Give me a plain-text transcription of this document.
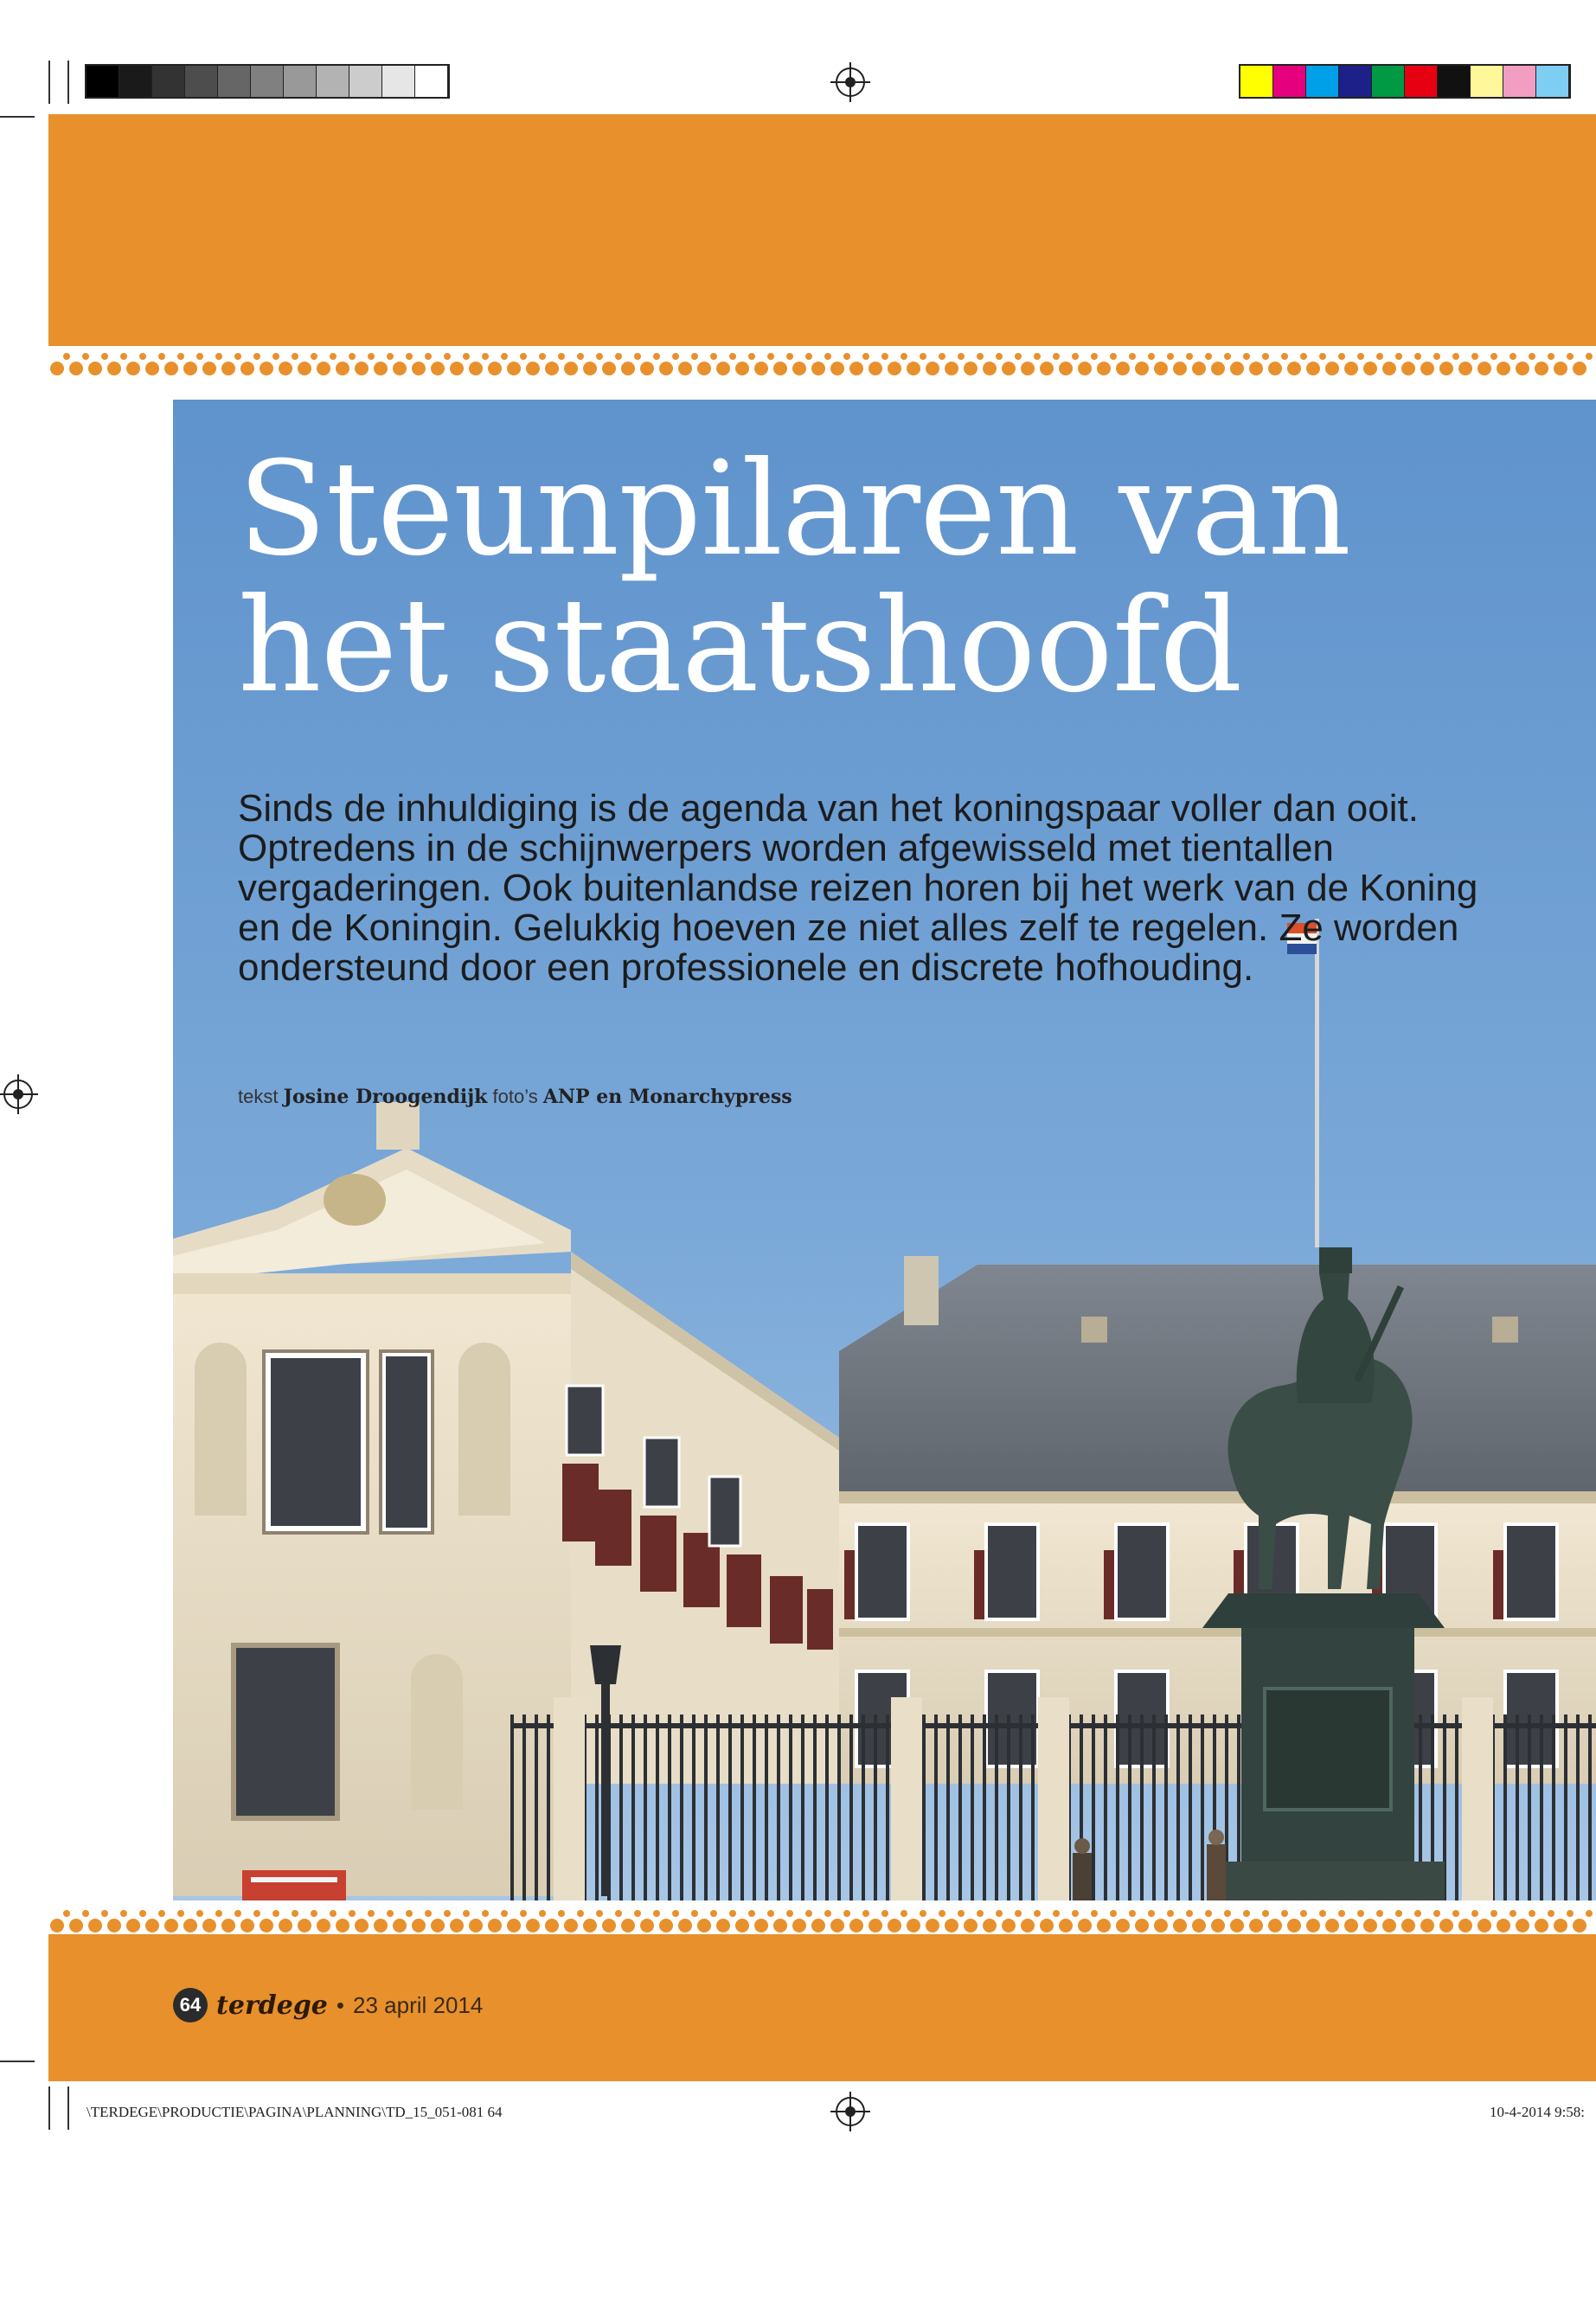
Steunpilaren van
het staatshoofd

Sinds de inhuldiging is de agenda van het koningspaar voller dan ooit. Optredens in de schijnwerpers worden afgewisseld met tientallen vergaderingen. Ook buitenlandse reizen horen bij het werk van de Koning en de Koningin. Gelukkig hoeven ze niet alles zelf te regelen. Ze worden ondersteund door een professionele en discrete hofhouding.

tekst Josine Droogendijk foto’s ANP en Monarchypress
64 terdege • 23 april 2014
\TERDEGE\PRODUCTIE\PAGINA\PLANNING\TD_15_051-081 64	10-4-2014 9:58:
